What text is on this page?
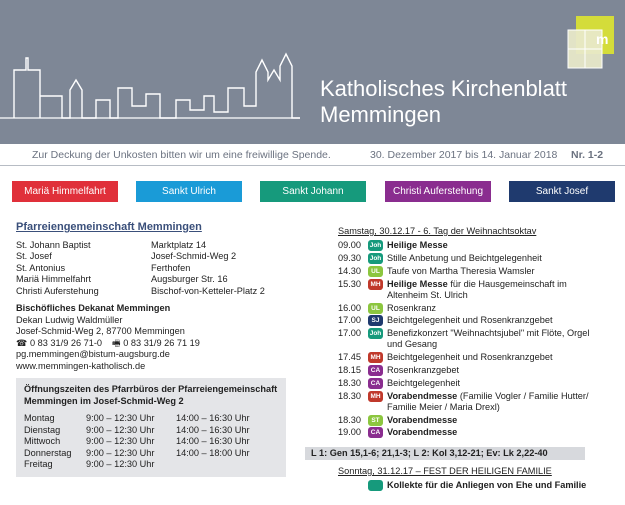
Katholisches Kirchenblatt
Memmingen
m
Zur Deckung der Unkosten bitten wir um eine freiwillige Spende.	30. Dezember 2017 bis 14. Januar 2018 Nr. 1-2
Mariä Himmelfahrt	Sankt Ulrich	Sankt Johann	Christi Auferstehung	Sankt Josef
Pfarreiengemeinschaft Memmingen
St. Johann Baptist	Marktplatz 14
St. Josef	Josef-Schmid-Weg 2
St. Antonius	Ferthofen
Mariä Himmelfahrt	Augsburger Str. 16
Christi Auferstehung	Bischof-von-Ketteler-Platz 2
Bischöfliches Dekanat Memmingen
Dekan Ludwig Waldmüller
Josef-Schmid-Weg 2, 87700 Memmingen
☎ 0 83 31/9 26 71-0 🖷 0 83 31/9 26 71 19
pg.memmingen@bistum-augsburg.de
www.memmingen-katholisch.de
Öffnungszeiten des Pfarrbüros der Pfarreiengemeinschaft Memmingen im Josef-Schmid-Weg 2
Montag	9:00 – 12:30 Uhr	14:00 – 16:30 Uhr
Dienstag	9:00 – 12:30 Uhr	14:00 – 16:30 Uhr
Mittwoch	9:00 – 12:30 Uhr	14:00 – 16:30 Uhr
Donnerstag	9:00 – 12:30 Uhr	14:00 – 18:00 Uhr
Freitag	9:00 – 12:30 Uhr
Samstag, 30.12.17 - 6. Tag der Weihnachtsoktav
09.00	Joh Heilige Messe
09.30	Joh Stille Anbetung und Beichtgelegenheit
14.30	UL Taufe von Martha Theresia Wamsler
15.30	MH Heilige Messe für die Hausgemeinschaft im Altenheim St. Ulrich
16.00	UL Rosenkranz
17.00	SJ Beichtgelegenheit und Rosenkranzgebet
17.00	Joh Benefizkonzert "Weihnachtsjubel" mit Flöte, Orgel und Gesang
17.45	MH Beichtgelegenheit und Rosenkranzgebet
18.15	CA Rosenkranzgebet
18.30	CA Beichtgelegenheit
18.30	MH Vorabendmesse (Familie Vogler / Familie Hutter/ Familie Meier / Maria Drexl)
18.30	ST Vorabendmesse
19.00	CA Vorabendmesse
L 1: Gen 15,1-6; 21,1-3; L 2: Kol 3,12-21; Ev: Lk 2,22-40
Sonntag, 31.12.17 – FEST DER HEILIGEN FAMILIE
Kollekte für die Anliegen von Ehe und Familie
